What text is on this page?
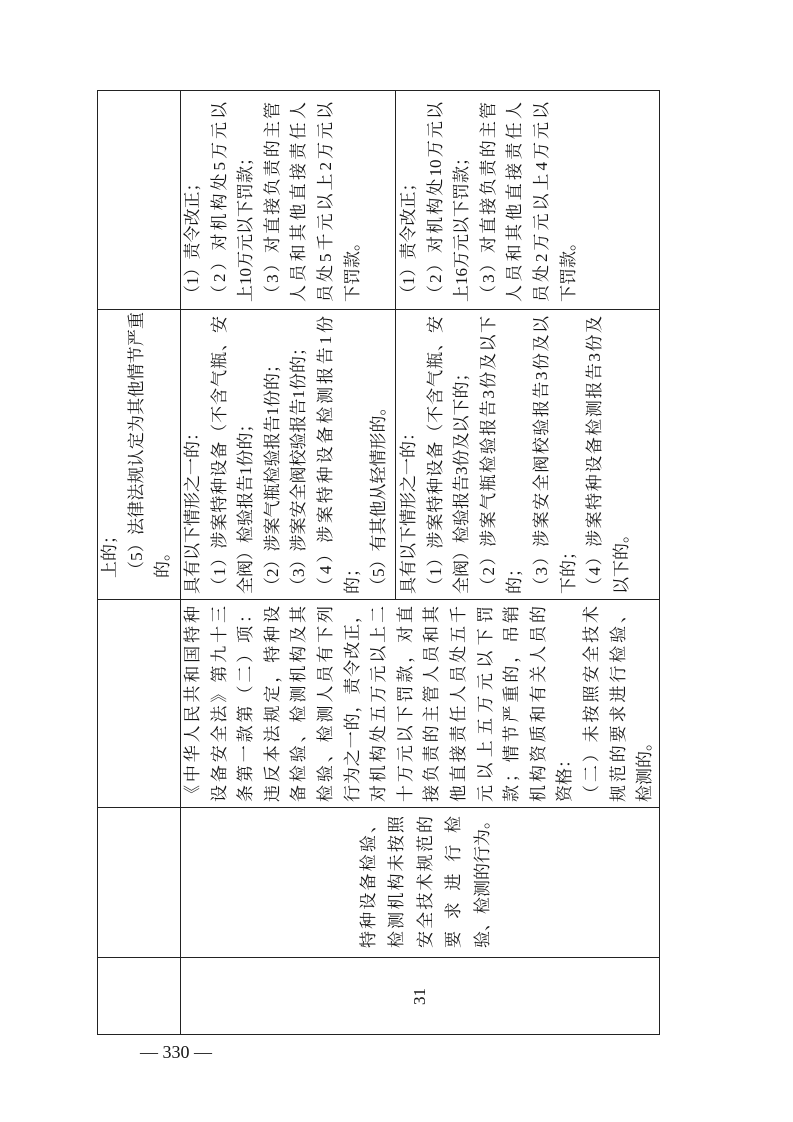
上的； （5）法律法规认定为其他情节严重 的。
31
特种设备检验、 检测机构未按照 安全技术规范的 要求进行检 验、检测的行为。
《中华人民共和国特种 设备安全法》第九十三 条第一款第（二）项： 违反本法规定，特种设 备检验、检测机构及其 检验、检测人员有下列 行为之一的，责令改正， 对机构处五万元以上二 十万元以下罚款，对直 接负责的主管人员和其 他直接责任人员处五千 元以上五万元以下罚 款；情节严重的，吊销 机构资质和有关人员的 资格： （二）未按照安全技术 规范的要求进行检验、 检测的。
具有以下情形之一的： （1）涉案特种设备（不含气瓶、安 全阀）检验报告1份的； （2）涉案气瓶检验报告1份的； （3）涉案安全阀校验报告1份的； （4）涉案特种设备检测报告1份 的； （5）有其他从轻情形的。
（1）责令改正； （2）对机构处5万元以 上10万元以下罚款； （3）对直接负责的主管 人员和其他直接责任人 员处5千元以上2万元以 下罚款。
具有以下情形之一的： （1）涉案特种设备（不含气瓶、安 全阀）检验报告3份及以下的； （2）涉案气瓶检验报告3份及以下 的； （3）涉案安全阀校验报告3份及以 下的； （4）涉案特种设备检测报告3份及 以下的。
（1）责令改正； （2）对机构处10万元以 上16万元以下罚款； （3）对直接负责的主管 人员和其他直接责任人 员处2万元以上4万元以 下罚款。
— 330 —
